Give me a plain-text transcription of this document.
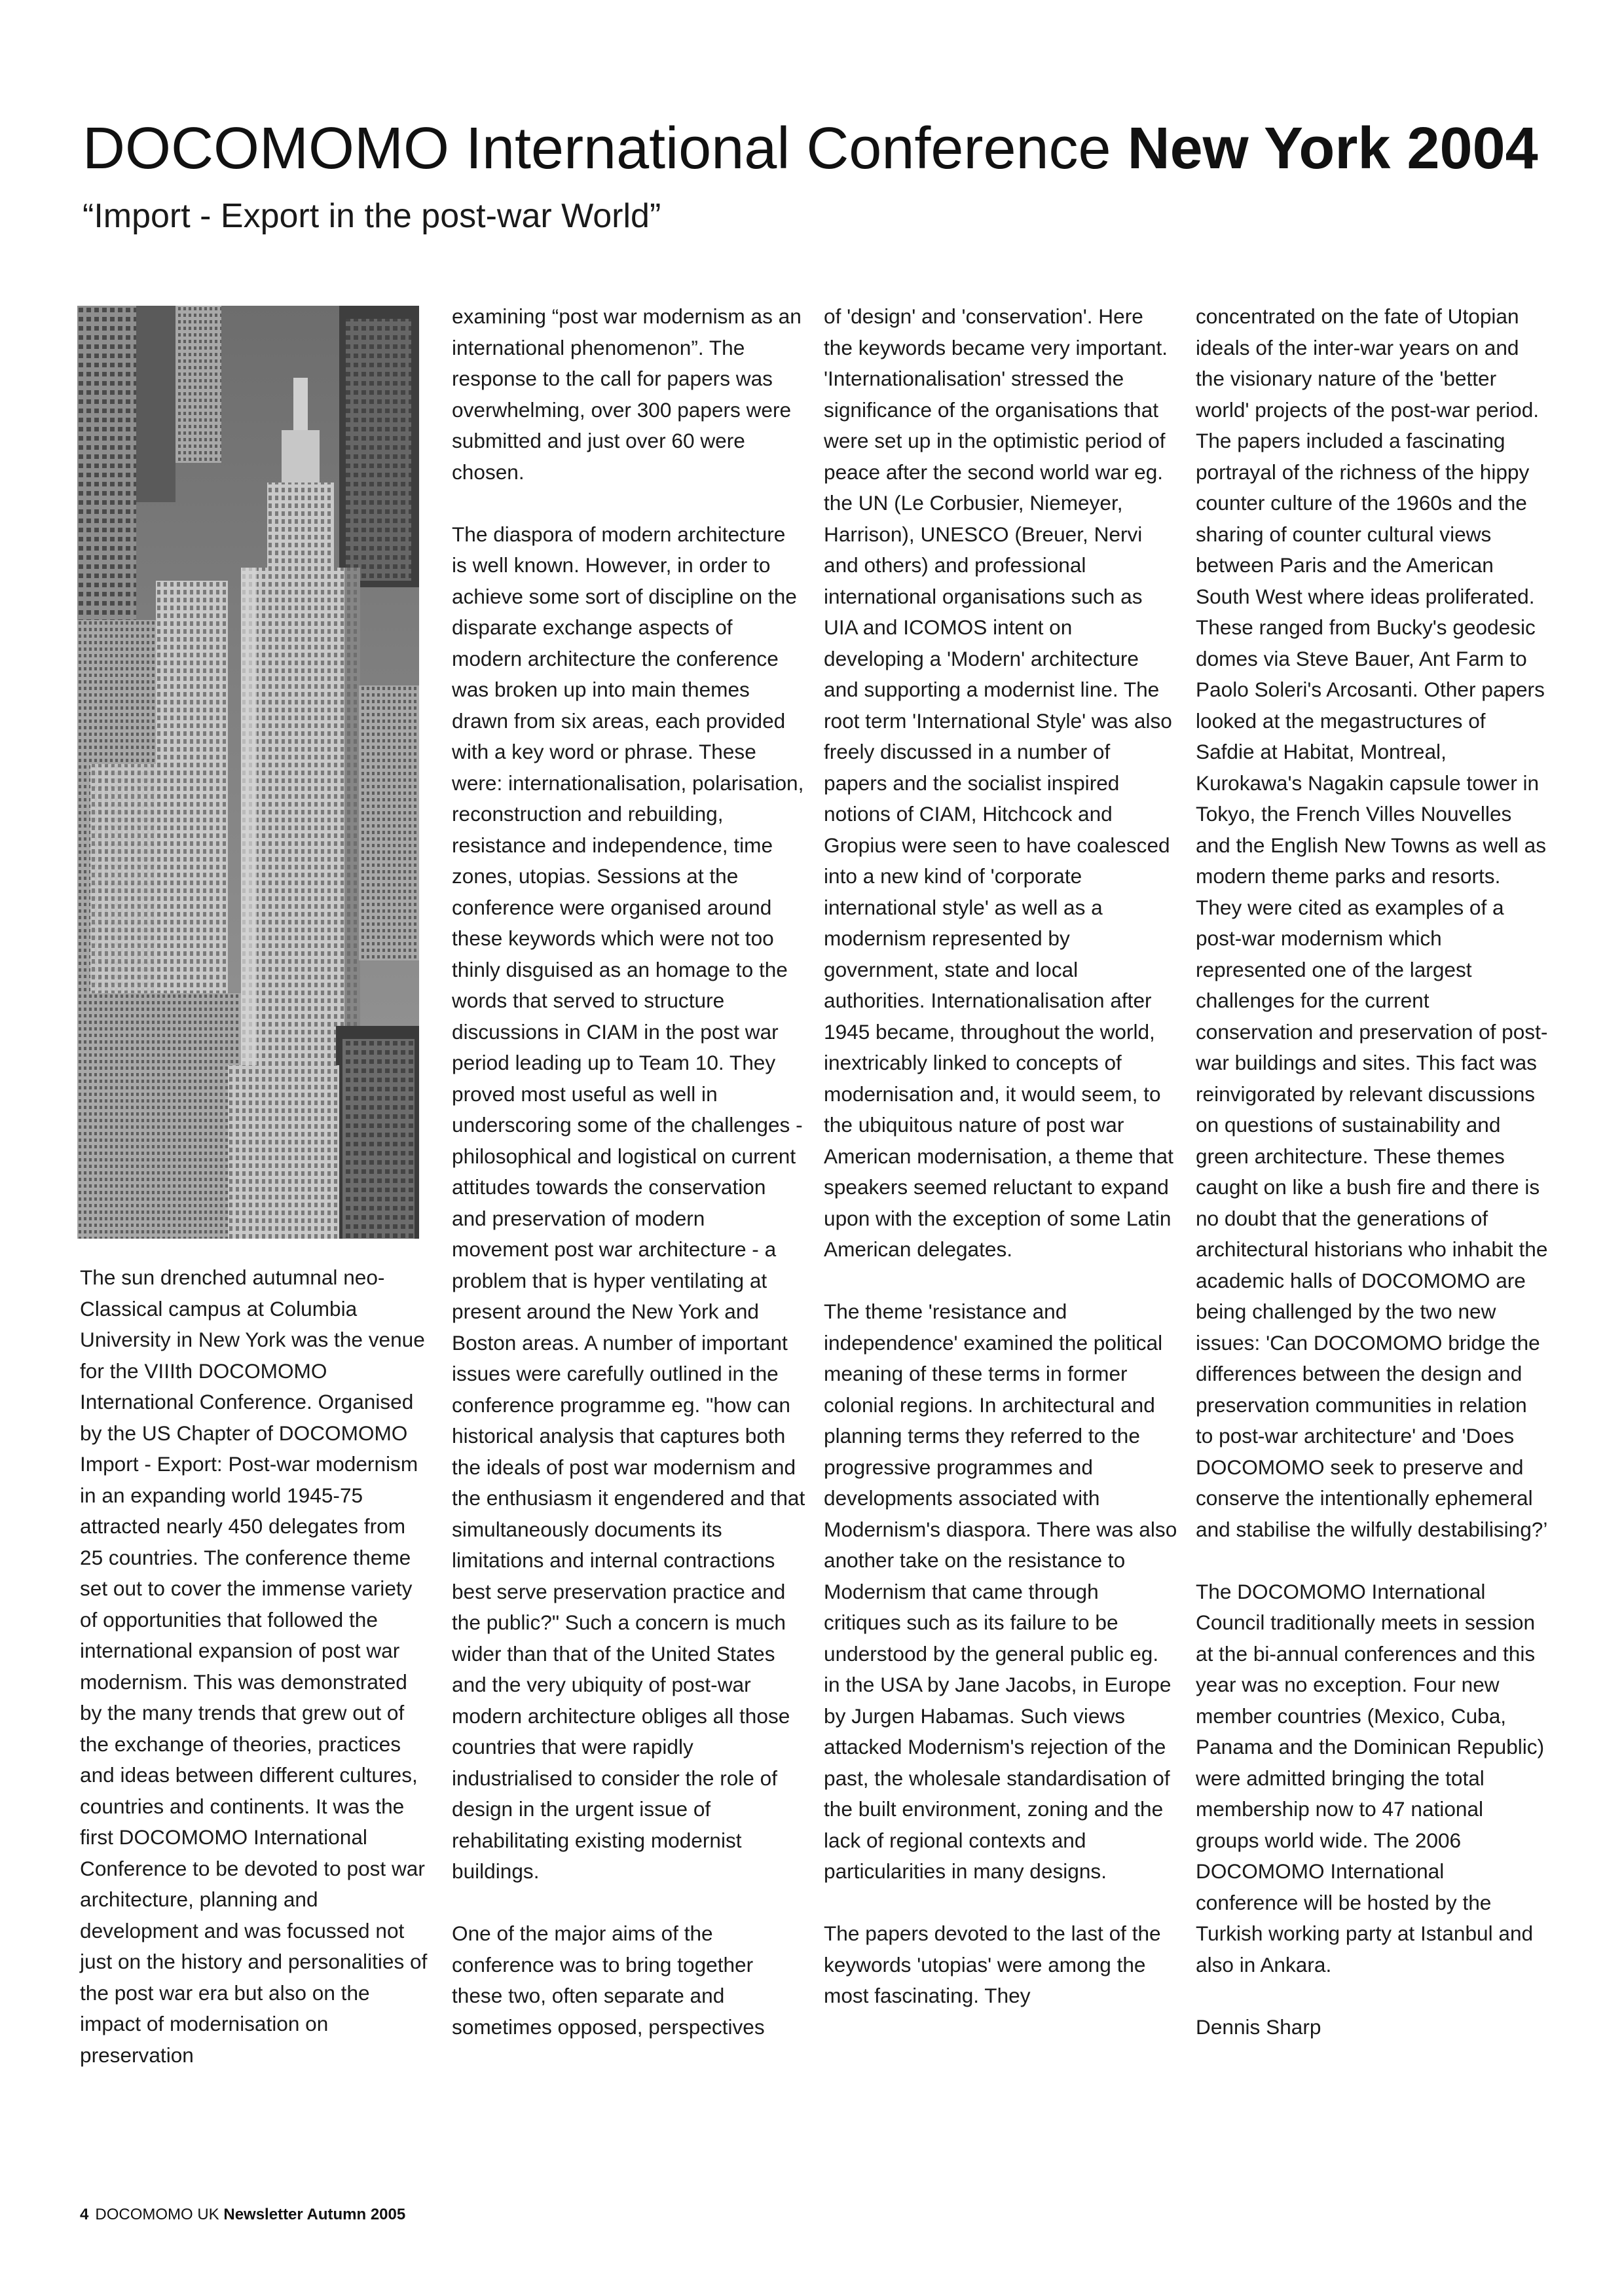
DOCOMOMO International Conference New York 2004
“Import - Export in the post-war World”

The sun drenched autumnal neo-Classical campus at Columbia University in New York was the venue for the VIIIth DOCOMOMO International Conference. Organised by the US Chapter of DOCOMOMO Import - Export: Post-war modernism in an expanding world 1945-75 attracted nearly 450 delegates from 25 countries. The conference theme set out to cover the immense variety of opportunities that followed the international expansion of post war modernism. This was demonstrated by the many trends that grew out of the exchange of theories, practices and ideas between different cultures, countries and continents. It was the first DOCOMOMO International Conference to be devoted to post war architecture, planning and development and was focussed not just on the history and personalities of the post war era but also on the impact of modernisation on preservation

examining “post war modernism as an international phenomenon”. The response to the call for papers was overwhelming, over 300 papers were submitted and just over 60 were chosen.

The diaspora of modern architecture is well known. However, in order to achieve some sort of discipline on the disparate exchange aspects of modern architecture the conference was broken up into main themes drawn from six areas, each provided with a key word or phrase. These were: internationalisation, polarisation, reconstruction and rebuilding, resistance and independence, time zones, utopias. Sessions at the conference were organised around these keywords which were not too thinly disguised as an homage to the words that served to structure discussions in CIAM in the post war period leading up to Team 10. They proved most useful as well in underscoring some of the challenges - philosophical and logistical on current attitudes towards the conservation and preservation of modern movement post war architecture - a problem that is hyper ventilating at present around the New York and Boston areas. A number of important issues were carefully outlined in the conference programme eg. "how can historical analysis that captures both the ideals of post war modernism and the enthusiasm it engendered and that simultaneously documents its limitations and internal contractions best serve preservation practice and the public?" Such a concern is much wider than that of the United States and the very ubiquity of post-war modern architecture obliges all those countries that were rapidly industrialised to consider the role of design in the urgent issue of rehabilitating existing modernist buildings.

One of the major aims of the conference was to bring together these two, often separate and sometimes opposed, perspectives

of 'design' and 'conservation'. Here the keywords became very important. 'Internationalisation' stressed the significance of the organisations that were set up in the optimistic period of peace after the second world war eg. the UN (Le Corbusier, Niemeyer, Harrison), UNESCO (Breuer, Nervi and others) and professional international organisations such as UIA and ICOMOS intent on developing a 'Modern' architecture and supporting a modernist line. The root term 'International Style' was also freely discussed in a number of papers and the socialist inspired notions of CIAM, Hitchcock and Gropius were seen to have coalesced into a new kind of 'corporate international style' as well as a modernism represented by government, state and local authorities. Internationalisation after 1945 became, throughout the world, inextricably linked to concepts of modernisation and, it would seem, to the ubiquitous nature of post war American modernisation, a theme that speakers seemed reluctant to expand upon with the exception of some Latin American delegates.

The theme 'resistance and independence' examined the political meaning of these terms in former colonial regions. In architectural and planning terms they referred to the progressive programmes and developments associated with Modernism's diaspora. There was also another take on the resistance to Modernism that came through critiques such as its failure to be understood by the general public eg. in the USA by Jane Jacobs, in Europe by Jurgen Habamas. Such views attacked Modernism's rejection of the past, the wholesale standardisation of the built environment, zoning and the lack of regional contexts and particularities in many designs.

The papers devoted to the last of the keywords 'utopias' were among the most fascinating. They

concentrated on the fate of Utopian ideals of the inter-war years on and the visionary nature of the 'better world' projects of the post-war period. The papers included a fascinating portrayal of the richness of the hippy counter culture of the 1960s and the sharing of counter cultural views between Paris and the American South West where ideas proliferated. These ranged from Bucky's geodesic domes via Steve Bauer, Ant Farm to Paolo Soleri's Arcosanti. Other papers looked at the megastructures of Safdie at Habitat, Montreal, Kurokawa's Nagakin capsule tower in Tokyo, the French Villes Nouvelles and the English New Towns as well as modern theme parks and resorts. They were cited as examples of a post-war modernism which represented one of the largest challenges for the current conservation and preservation of post-war buildings and sites. This fact was reinvigorated by relevant discussions on questions of sustainability and green architecture. These themes caught on like a bush fire and there is no doubt that the generations of architectural historians who inhabit the academic halls of DOCOMOMO are being challenged by the two new issues: 'Can DOCOMOMO bridge the differences between the design and preservation communities in relation to post-war architecture' and 'Does DOCOMOMO seek to preserve and conserve the intentionally ephemeral and stabilise the wilfully destabilising?’

The DOCOMOMO International Council traditionally meets in session at the bi-annual conferences and this year was no exception. Four new member countries (Mexico, Cuba, Panama and the Dominican Republic) were admitted bringing the total membership now to 47 national groups world wide. The 2006 DOCOMOMO International conference will be hosted by the Turkish working party at Istanbul and also in Ankara.

Dennis Sharp

4 DOCOMOMO UK Newsletter Autumn 2005
